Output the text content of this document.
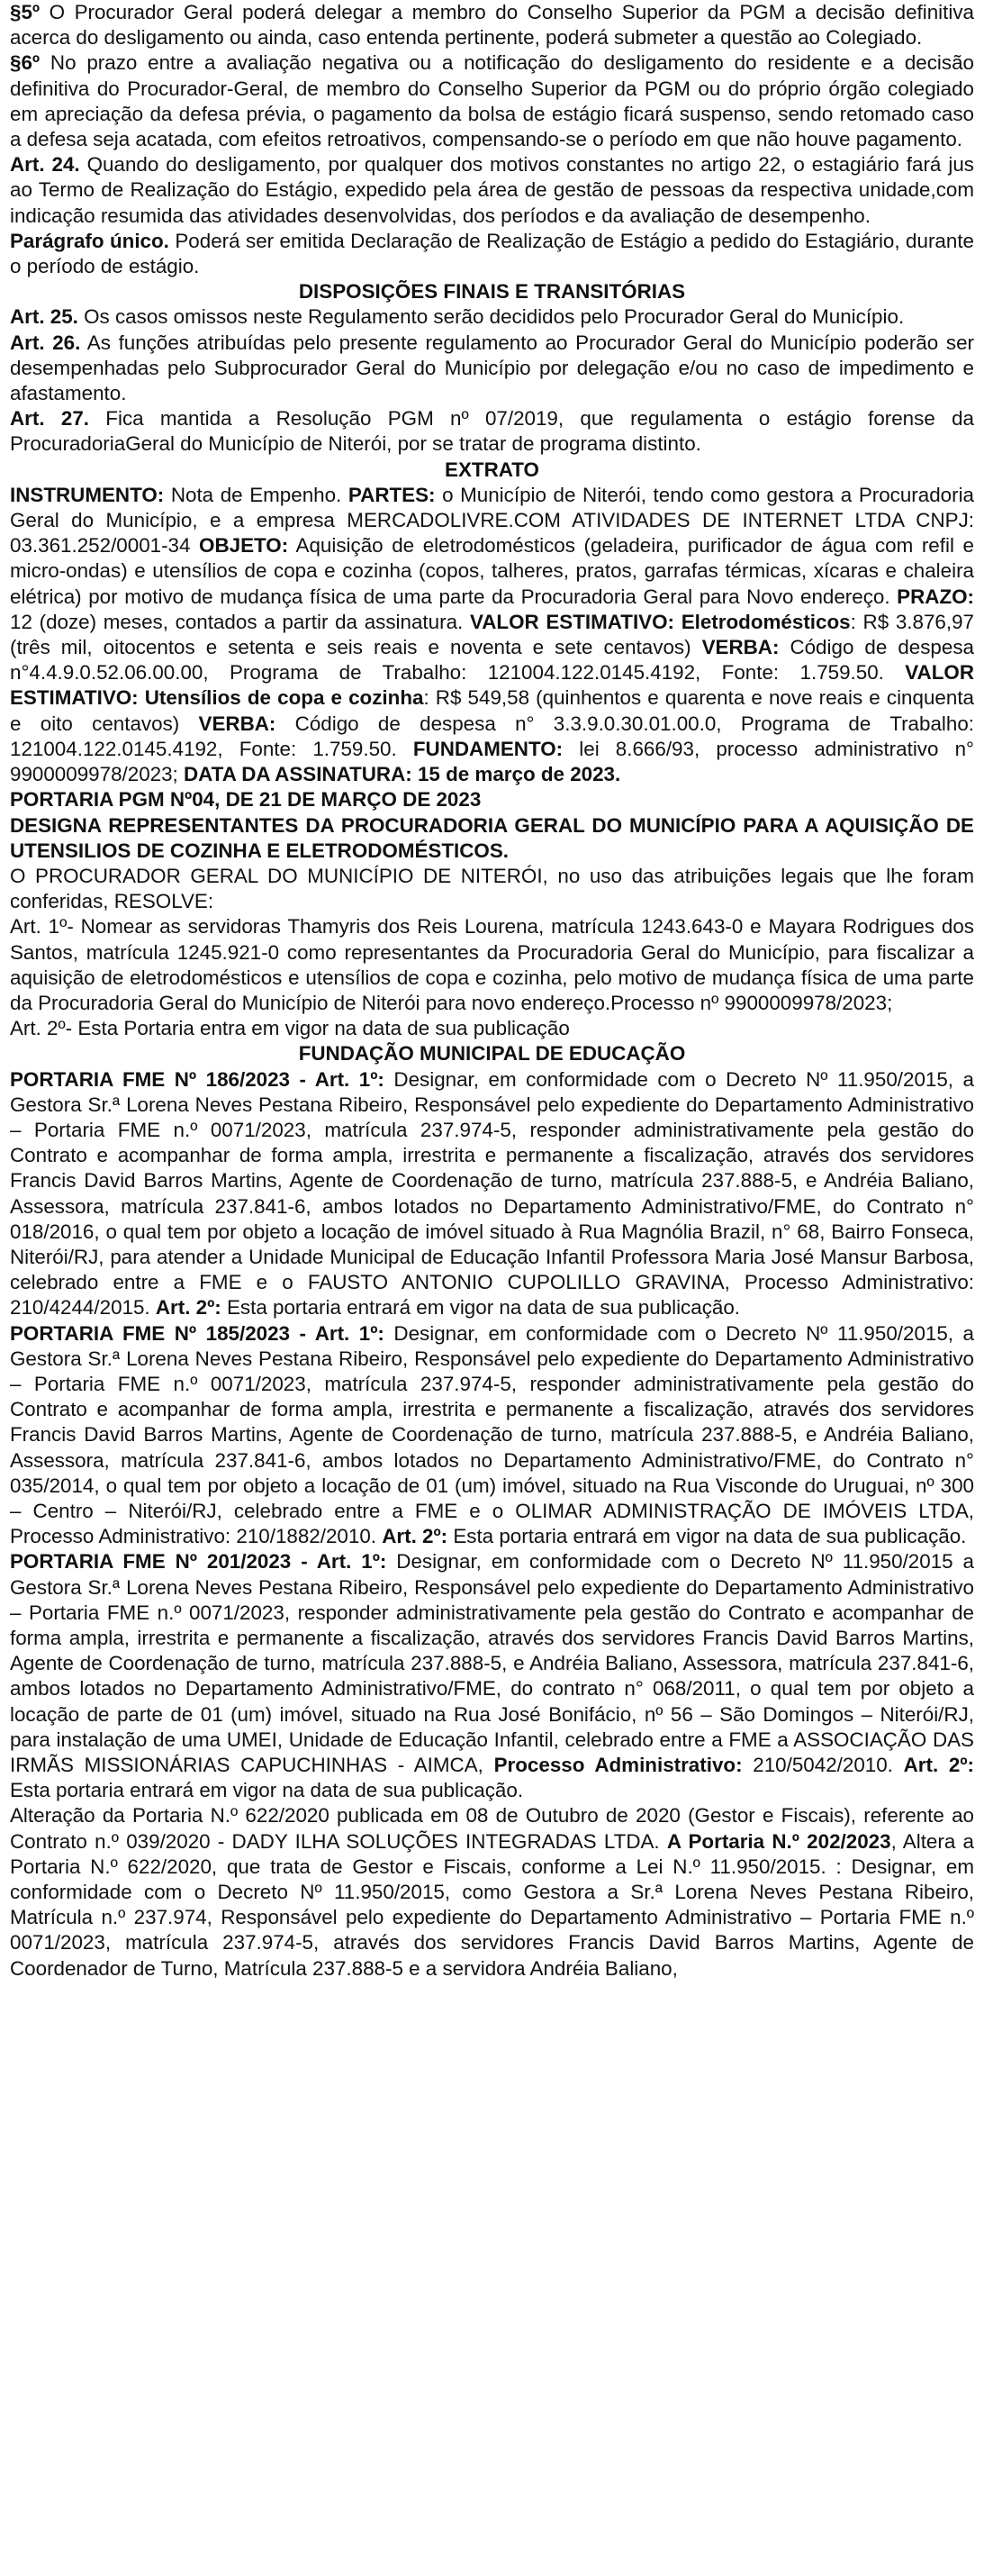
§5º O Procurador Geral poderá delegar a membro do Conselho Superior da PGM a decisão definitiva acerca do desligamento ou ainda, caso entenda pertinente, poderá submeter a questão ao Colegiado.

§6º No prazo entre a avaliação negativa ou a notificação do desligamento do residente e a decisão definitiva do Procurador-Geral, de membro do Conselho Superior da PGM ou do próprio órgão colegiado em apreciação da defesa prévia, o pagamento da bolsa de estágio ficará suspenso, sendo retomado caso a defesa seja acatada, com efeitos retroativos, compensando-se o período em que não houve pagamento.

Art. 24. Quando do desligamento, por qualquer dos motivos constantes no artigo 22, o estagiário fará jus ao Termo de Realização do Estágio, expedido pela área de gestão de pessoas da respectiva unidade,com indicação resumida das atividades desenvolvidas, dos períodos e da avaliação de desempenho.

Parágrafo único. Poderá ser emitida Declaração de Realização de Estágio a pedido do Estagiário, durante o período de estágio.

DISPOSIÇÕES FINAIS E TRANSITÓRIAS

Art. 25. Os casos omissos neste Regulamento serão decididos pelo Procurador Geral do Município.

Art. 26. As funções atribuídas pelo presente regulamento ao Procurador Geral do Município poderão ser desempenhadas pelo Subprocurador Geral do Município por delegação e/ou no caso de impedimento e afastamento.

Art. 27. Fica mantida a Resolução PGM nº 07/2019, que regulamenta o estágio forense da ProcuradoriaGeral do Município de Niterói, por se tratar de programa distinto.

EXTRATO

INSTRUMENTO: Nota de Empenho. PARTES: o Município de Niterói, tendo como gestora a Procuradoria Geral do Município, e a empresa MERCADOLIVRE.COM ATIVIDADES DE INTERNET LTDA CNPJ: 03.361.252/0001-34 OBJETO: Aquisição de eletrodomésticos (geladeira, purificador de água com refil e micro-ondas) e utensílios de copa e cozinha (copos, talheres, pratos, garrafas térmicas, xícaras e chaleira elétrica) por motivo de mudança física de uma parte da Procuradoria Geral para Novo endereço. PRAZO: 12 (doze) meses, contados a partir da assinatura. VALOR ESTIMATIVO: Eletrodomésticos: R$ 3.876,97 (três mil, oitocentos e setenta e seis reais e noventa e sete centavos) VERBA: Código de despesa n°4.4.9.0.52.06.00.00, Programa de Trabalho: 121004.122.0145.4192, Fonte: 1.759.50. VALOR ESTIMATIVO: Utensílios de copa e cozinha: R$ 549,58 (quinhentos e quarenta e nove reais e cinquenta e oito centavos) VERBA: Código de despesa n° 3.3.9.0.30.01.00.0, Programa de Trabalho: 121004.122.0145.4192, Fonte: 1.759.50. FUNDAMENTO: lei 8.666/93, processo administrativo n° 9900009978/2023; DATA DA ASSINATURA: 15 de março de 2023.

PORTARIA PGM Nº04, DE 21 DE MARÇO DE 2023

DESIGNA REPRESENTANTES DA PROCURADORIA GERAL DO MUNICÍPIO PARA A AQUISIÇÃO DE UTENSILIOS DE COZINHA E ELETRODOMÉSTICOS.

O PROCURADOR GERAL DO MUNICÍPIO DE NITERÓI, no uso das atribuições legais que lhe foram conferidas, RESOLVE:

Art. 1º- Nomear as servidoras Thamyris dos Reis Lourena, matrícula 1243.643-0 e Mayara Rodrigues dos Santos, matrícula 1245.921-0 como representantes da Procuradoria Geral do Município, para fiscalizar a aquisição de eletrodomésticos e utensílios de copa e cozinha, pelo motivo de mudança física de uma parte da Procuradoria Geral do Município de Niterói para novo endereço.Processo nº 9900009978/2023;

Art. 2º- Esta Portaria entra em vigor na data de sua publicação

FUNDAÇÃO MUNICIPAL DE EDUCAÇÃO

PORTARIA FME Nº 186/2023 - Art. 1º: Designar, em conformidade com o Decreto Nº 11.950/2015, a Gestora Sr.ª Lorena Neves Pestana Ribeiro, Responsável pelo expediente do Departamento Administrativo – Portaria FME n.º 0071/2023, matrícula 237.974-5, responder administrativamente pela gestão do Contrato e acompanhar de forma ampla, irrestrita e permanente a fiscalização, através dos servidores Francis David Barros Martins, Agente de Coordenação de turno, matrícula 237.888-5, e Andréia Baliano, Assessora, matrícula 237.841-6, ambos lotados no Departamento Administrativo/FME, do Contrato n° 018/2016, o qual tem por objeto a locação de imóvel situado à Rua Magnólia Brazil, n° 68, Bairro Fonseca, Niterói/RJ, para atender a Unidade Municipal de Educação Infantil Professora Maria José Mansur Barbosa, celebrado entre a FME e o FAUSTO ANTONIO CUPOLILLO GRAVINA, Processo Administrativo: 210/4244/2015. Art. 2º: Esta portaria entrará em vigor na data de sua publicação.

PORTARIA FME Nº 185/2023 - Art. 1º: Designar, em conformidade com o Decreto Nº 11.950/2015, a Gestora Sr.ª Lorena Neves Pestana Ribeiro, Responsável pelo expediente do Departamento Administrativo – Portaria FME n.º 0071/2023, matrícula 237.974-5, responder administrativamente pela gestão do Contrato e acompanhar de forma ampla, irrestrita e permanente a fiscalização, através dos servidores Francis David Barros Martins, Agente de Coordenação de turno, matrícula 237.888-5, e Andréia Baliano, Assessora, matrícula 237.841-6, ambos lotados no Departamento Administrativo/FME, do Contrato n° 035/2014, o qual tem por objeto a locação de 01 (um) imóvel, situado na Rua Visconde do Uruguai, nº 300 – Centro – Niterói/RJ, celebrado entre a FME e o OLIMAR ADMINISTRAÇÃO DE IMÓVEIS LTDA, Processo Administrativo: 210/1882/2010. Art. 2º: Esta portaria entrará em vigor na data de sua publicação.

PORTARIA FME Nº 201/2023 - Art. 1º: Designar, em conformidade com o Decreto Nº 11.950/2015 a Gestora Sr.ª Lorena Neves Pestana Ribeiro, Responsável pelo expediente do Departamento Administrativo – Portaria FME n.º 0071/2023, responder administrativamente pela gestão do Contrato e acompanhar de forma ampla, irrestrita e permanente a fiscalização, através dos servidores Francis David Barros Martins, Agente de Coordenação de turno, matrícula 237.888-5, e Andréia Baliano, Assessora, matrícula 237.841-6, ambos lotados no Departamento Administrativo/FME, do contrato n° 068/2011, o qual tem por objeto a locação de parte de 01 (um) imóvel, situado na Rua José Bonifácio, nº 56 – São Domingos – Niterói/RJ, para instalação de uma UMEI, Unidade de Educação Infantil, celebrado entre a FME a ASSOCIAÇÃO DAS IRMÃS MISSIONÁRIAS CAPUCHINHAS - AIMCA, Processo Administrativo: 210/5042/2010. Art. 2º: Esta portaria entrará em vigor na data de sua publicação.

Alteração da Portaria N.º 622/2020 publicada em 08 de Outubro de 2020 (Gestor e Fiscais), referente ao Contrato n.º 039/2020 - DADY ILHA SOLUÇÕES INTEGRADAS LTDA. A Portaria N.º 202/2023, Altera a Portaria N.º 622/2020, que trata de Gestor e Fiscais, conforme a Lei N.º 11.950/2015. : Designar, em conformidade com o Decreto Nº 11.950/2015, como Gestora a Sr.ª Lorena Neves Pestana Ribeiro, Matrícula n.º 237.974, Responsável pelo expediente do Departamento Administrativo – Portaria FME n.º 0071/2023, matrícula 237.974-5, através dos servidores Francis David Barros Martins, Agente de Coordenador de Turno, Matrícula 237.888-5 e a servidora Andréia Baliano,
